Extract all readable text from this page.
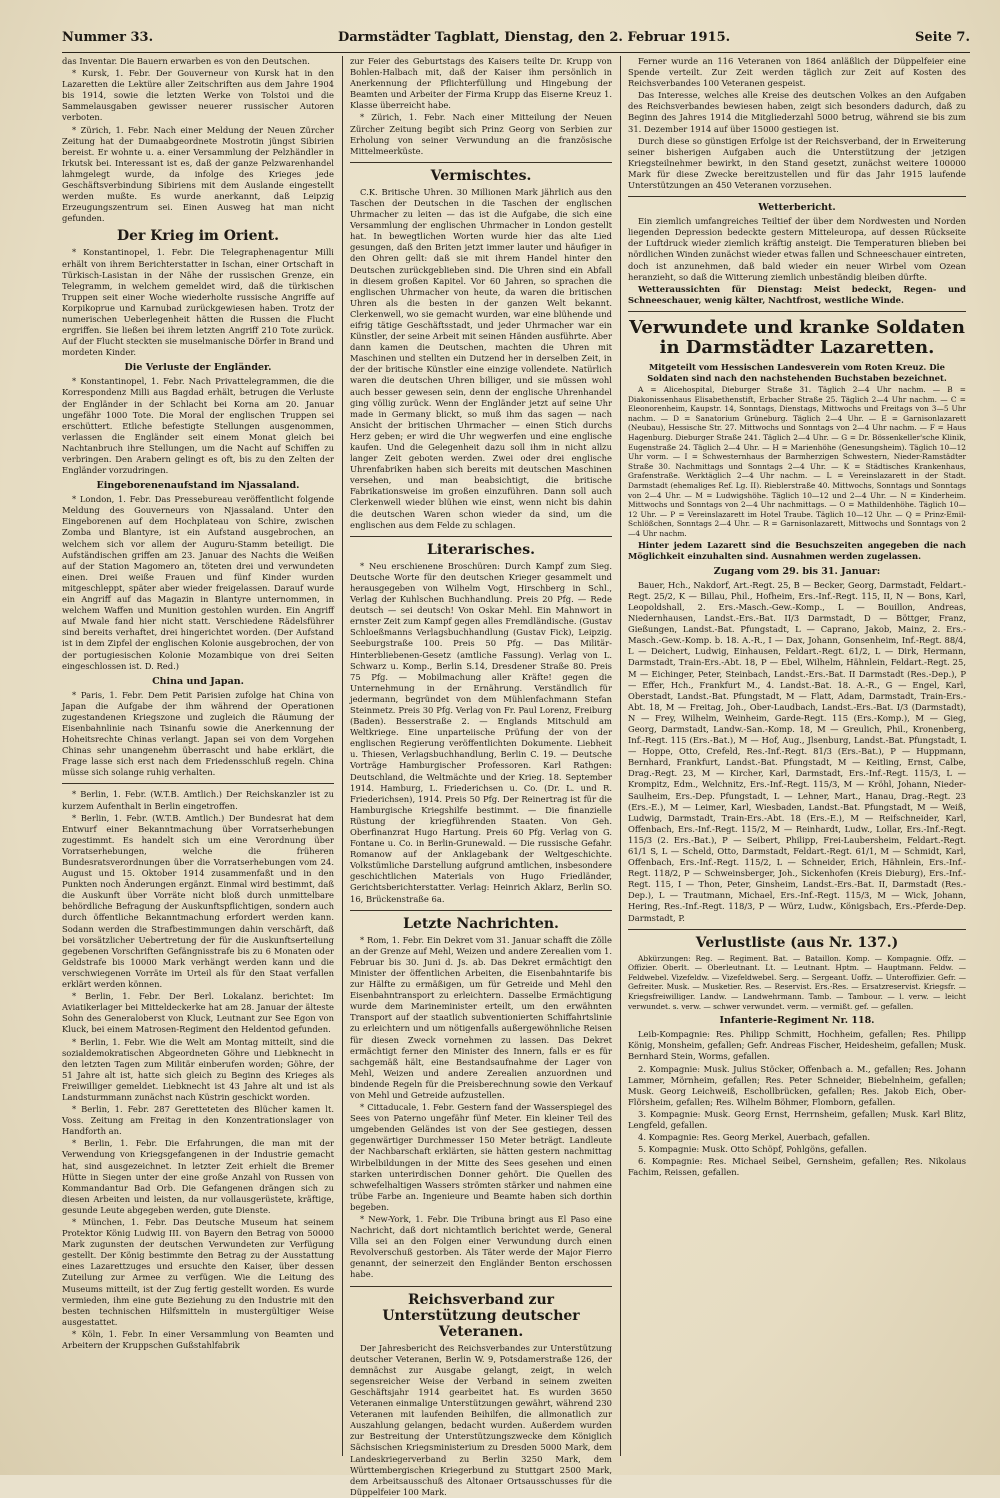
Nummer 33.	Darmstädter Tagblatt, Dienstag, den 2. Februar 1915.	Seite 7.

das Inventar. Die Bauern erwarben es von den Deutschen.

* Kursk, 1. Febr. Der Gouverneur von Kursk hat in den Lazaretten die Lektüre aller Zeitschriften aus dem Jahre 1904 bis 1914, sowie die letzten Werke von Tolstoi und die Sammelausgaben gewisser neuerer russischer Autoren verboten.

* Zürich, 1. Febr. Nach einer Meldung der Neuen Zürcher Zeitung hat der Dumaabgeordnete Mostrotin jüngst Sibirien bereist. Er wohnte u. a. einer Versammlung der Pelzhändler in Irkutsk bei. Interessant ist es, daß der ganze Pelzwarenhandel lahmgelegt wurde, da infolge des Krieges jede Geschäftsverbindung Sibiriens mit dem Auslande eingestellt werden mußte. Es wurde anerkannt, daß Leipzig Erzeugungszentrum sei. Einen Ausweg hat man nicht gefunden.

Der Krieg im Orient.

* Konstantinopel, 1. Febr. Die Telegraphenagentur Milli erhält von ihrem Berichterstatter in Ischan, einer Ortschaft in Türkisch-Lasistan in der Nähe der russischen Grenze, ein Telegramm, in welchem gemeldet wird, daß die türkischen Truppen seit einer Woche wiederholte russische Angriffe auf Korpikoprue und Karnubad zurückgewiesen haben. Trotz der numerischen Ueberlegenheit hätten die Russen die Flucht ergriffen. Sie ließen bei ihrem letzten Angriff 210 Tote zurück. Auf der Flucht steckten sie muselmanische Dörfer in Brand und mordeten Kinder.

Die Verluste der Engländer.

* Konstantinopel, 1. Febr. Nach Privattelegrammen, die die Korrespondenz Milli aus Bagdad erhält, betrugen die Verluste der Engländer in der Schlacht bei Korna am 20. Januar ungefähr 1000 Tote. Die Moral der englischen Truppen sei erschüttert. Etliche befestigte Stellungen ausgenommen, verlassen die Engländer seit einem Monat gleich bei Nachtanbruch ihre Stellungen, um die Nacht auf Schiffen zu verbringen. Den Arabern gelingt es oft, bis zu den Zelten der Engländer vorzudringen.

Eingeborenenaufstand im Njassaland.

* London, 1. Febr. Das Pressebureau veröffentlicht folgende Meldung des Gouverneurs von Njassaland. Unter den Eingeborenen auf dem Hochplateau von Schire, zwischen Zomba und Blantyre, ist ein Aufstand ausgebrochen, an welchem sich vor allem der Auguru-Stamm beteiligt. Die Aufständischen griffen am 23. Januar des Nachts die Weißen auf der Station Magomero an, töteten drei und verwundeten einen. Drei weiße Frauen und fünf Kinder wurden mitgeschleppt, später aber wieder freigelassen. Darauf wurde ein Angriff auf das Magazin in Blantyre unternommen, in welchem Waffen und Munition gestohlen wurden. Ein Angriff auf Mwale fand hier nicht statt. Verschiedene Rädelsführer sind bereits verhaftet, drei hingerichtet worden. (Der Aufstand ist in dem Zipfel der englischen Kolonie ausgebrochen, der von der portugiesischen Kolonie Mozambique von drei Seiten eingeschlossen ist. D. Red.)

China und Japan.

* Paris, 1. Febr. Dem Petit Parisien zufolge hat China von Japan die Aufgabe der ihm während der Operationen zugestandenen Kriegszone und zugleich die Räumung der Eisenbahnlinie nach Tsinanfu sowie die Anerkennung der Hoheitsrechte Chinas verlangt. Japan sei von dem Vorgehen Chinas sehr unangenehm überrascht und habe erklärt, die Frage lasse sich erst nach dem Friedensschluß regeln. China müsse sich solange ruhig verhalten.

* Berlin, 1. Febr. (W.T.B. Amtlich.) Der Reichskanzler ist zu kurzem Aufenthalt in Berlin eingetroffen.

* Berlin, 1. Febr. (W.T.B. Amtlich.) Der Bundesrat hat dem Entwurf einer Bekanntmachung über Vorratserhebungen zugestimmt. Es handelt sich um eine Verordnung über Vorratserhebungen, welche die früheren Bundesratsverordnungen über die Vorratserhebungen vom 24. August und 15. Oktober 1914 zusammenfaßt und in den Punkten noch Änderungen ergänzt. Einmal wird bestimmt, daß die Auskunft über Vorräte nicht bloß durch unmittelbare behördliche Befragung der Auskunftspflichtigen, sondern auch durch öffentliche Bekanntmachung erfordert werden kann. Sodann werden die Strafbestimmungen dahin verschärft, daß bei vorsätzlicher Uebertretung der für die Auskunftserteilung gegebenen Vorschriften Gefängnisstrafe bis zu 6 Monaten oder Geldstrafe bis 10000 Mark verhängt werden kann und die verschwiegenen Vorräte im Urteil als für den Staat verfallen erklärt werden können.

* Berlin, 1. Febr. Der Berl. Lokalanz. berichtet: Im Aviatikerlager bei Mitteldeckerke hat am 28. Januar der älteste Sohn des Generaloberst von Kluck, Leutnant zur See Egon von Kluck, bei einem Matrosen-Regiment den Heldentod gefunden.

* Berlin, 1. Febr. Wie die Welt am Montag mitteilt, sind die sozialdemokratischen Abgeordneten Göhre und Liebknecht in den letzten Tagen zum Militär einberufen worden; Göhre, der 51 Jahre alt ist, hatte sich gleich zu Beginn des Krieges als Freiwilliger gemeldet. Liebknecht ist 43 Jahre alt und ist als Landsturmmann zunächst nach Küstrin geschickt worden.

* Berlin, 1. Febr. 287 Geretteteten des Blücher kamen lt. Voss. Zeitung am Freitag in den Konzentrationslager von Handforth an.

* Berlin, 1. Febr. Die Erfahrungen, die man mit der Verwendung von Kriegsgefangenen in der Industrie gemacht hat, sind ausgezeichnet. In letzter Zeit erhielt die Bremer Hütte in Siegen unter der eine große Anzahl von Russen von Kommandantur Bad Orb. Die Gefangenen drängen sich zu diesen Arbeiten und leisten, da nur vollausgerüstete, kräftige, gesunde Leute abgegeben werden, gute Dienste.

* München, 1. Febr. Das Deutsche Museum hat seinem Protektor König Ludwig III. von Bayern den Betrag von 50000 Mark zugunsten der deutschen Verwundeten zur Verfügung gestellt. Der König bestimmte den Betrag zu der Ausstattung eines Lazarettzuges und ersuchte den Kaiser, über dessen Zuteilung zur Armee zu verfügen. Wie die Leitung des Museums mitteilt, ist der Zug fertig gestellt worden. Es wurde vermieden, ihm eine gute Beziehung zu den Industrie mit den besten technischen Hilfsmitteln in mustergültiger Weise ausgestattet.

* Köln, 1. Febr. In einer Versammlung von Beamten und Arbeitern der Kruppschen Gußstahlfabrik

zur Feier des Geburtstags des Kaisers teilte Dr. Krupp von Bohlen-Halbach mit, daß der Kaiser ihm persönlich in Anerkennung der Pflichterfüllung und Hingebung der Beamten und Arbeiter der Firma Krupp das Eiserne Kreuz 1. Klasse überreicht habe.

* Zürich, 1. Febr. Nach einer Mitteilung der Neuen Zürcher Zeitung begibt sich Prinz Georg von Serbien zur Erholung von seiner Verwundung an die französische Mittelmeerküste.

Vermischtes.

C.K. Britische Uhren. 30 Millionen Mark jährlich aus den Taschen der Deutschen in die Taschen der englischen Uhrmacher zu leiten — das ist die Aufgabe, die sich eine Versammlung der englischen Uhrmacher in London gestellt hat. In bewegtlichen Worten wurde hier das alte Lied gesungen, daß den Briten jetzt immer lauter und häufiger in den Ohren gellt: daß sie mit ihrem Handel hinter den Deutschen zurückgeblieben sind. Die Uhren sind ein Abfall in diesem großen Kapitel. Vor 60 Jahren, so sprachen die englischen Uhrmacher von heute, da waren die britischen Uhren als die besten in der ganzen Welt bekannt. Clerkenwell, wo sie gemacht wurden, war eine blühende und eifrig tätige Geschäftsstadt, und jeder Uhrmacher war ein Künstler, der seine Arbeit mit seinen Händen ausführte. Aber dann kamen die Deutschen, machten die Uhren mit Maschinen und stellten ein Dutzend her in derselben Zeit, in der der britische Künstler eine einzige vollendete. Natürlich waren die deutschen Uhren billiger, und sie müssen wohl auch besser gewesen sein, denn der englische Uhrenhandel ging völlig zurück. Wenn der Engländer jetzt auf seine Uhr made in Germany blickt, so muß ihm das sagen — nach Ansicht der britischen Uhrmacher — einen Stich durchs Herz geben; er wird die Uhr wegwerfen und eine englische kaufen. Und die Gelegenheit dazu soll ihm in nicht allzu langer Zeit geboten werden. Zwei oder drei englische Uhrenfabriken haben sich bereits mit deutschen Maschinen versehen, und man beabsichtigt, die britische Fabrikationsweise im großen einzuführen. Dann soll auch Clerkenwell wieder blühen wie einst, wenn nicht bis dahin die deutschen Waren schon wieder da sind, um die englischen aus dem Felde zu schlagen.

Literarisches.

* Neu erschienene Broschüren: Durch Kampf zum Sieg. Deutsche Worte für den deutschen Krieger gesammelt und herausgegeben von Wilhelm Vogt, Hirschberg in Schl., Verlag der Kuhlschen Buchhandlung. Preis 20 Pfg. — Rede deutsch — sei deutsch! Von Oskar Mehl. Ein Mahnwort in ernster Zeit zum Kampf gegen alles Fremdländische. (Gustav Schloeßmanns Verlagsbuchhandlung (Gustav Fick), Leipzig. Seeburgstraße 100. Preis 50 Pfg. — Das Militär-Hinterbliebenen-Gesetz (amtliche Fassung). Verlag von L. Schwarz u. Komp., Berlin S.14, Dresdener Straße 80. Preis 75 Pfg. — Mobilmachung aller Kräfte! gegen die Unternehmung in der Ernährung. Verständlich für jedermann, begründet von dem Mühlenfachmann Stefan Steinmetz. Preis 30 Pfg. Verlag von Fr. Paul Lorenz, Freiburg (Baden). Besserstraße 2. — Englands Mitschuld am Weltkriege. Eine unparteiische Prüfung der von der englischen Regierung veröffentlichten Dokumente. Liebheit u. Thiesen, Verlagsbuchhandlung, Berlin C. 19. — Deutsche Vorträge Hamburgischer Professoren. Karl Rathgen: Deutschland, die Weltmächte und der Krieg. 18. September 1914. Hamburg, L. Friederichsen u. Co. (Dr. L. und R. Friederichsen), 1914. Preis 50 Pfg. Der Reinertrag ist für die Hamburgische Kriegshilfe bestimmt. — Die finanzielle Rüstung der kriegführenden Staaten. Von Geh. Oberfinanzrat Hugo Hartung. Preis 60 Pfg. Verlag von G. Fontane u. Co. in Berlin-Grunewald. — Die russische Gefahr. Romanow auf der Anklagebank der Weltgeschichte. Volkstümliche Darstellung aufgrund amtlichen, insbesondere geschichtlichen Materials von Hugo Friedländer, Gerichtsberichterstatter. Verlag: Heinrich Aklarz, Berlin SO. 16, Brückenstraße 6a.

Letzte Nachrichten.

* Rom, 1. Febr. Ein Dekret vom 31. Januar schafft die Zölle an der Grenze auf Mehl, Weizen und andere Zerealien vom 1. Februar bis 30. Juni d. Js. ab. Das Dekret ermächtigt den Minister der öffentlichen Arbeiten, die Eisenbahntarife bis zur Hälfte zu ermäßigen, um für Getreide und Mehl den Eisenbahntransport zu erleichtern. Dasselbe Ermächtigung wurde dem Marineminister erteilt, um den erwähnten Transport auf der staatlich subventionierten Schiffahrtslinie zu erleichtern und um nötigenfalls außergewöhnliche Reisen für diesen Zweck vornehmen zu lassen. Das Dekret ermächtigt ferner den Minister des Innern, falls er es für sachgemäß hält, eine Bestandsaufnahme der Lager von Mehl, Weizen und andere Zerealien anzuordnen und bindende Regeln für die Preisberechnung sowie den Verkauf von Mehl und Getreide aufzustellen.

* Cittaducale, 1. Febr. Gestern fand der Wasserspiegel des Sees von Paterno ungefähr fünf Meter. Ein kleiner Teil des umgebenden Geländes ist von der See gestiegen, dessen gegenwärtiger Durchmesser 150 Meter beträgt. Landleute der Nachbarschaft erklärten, sie hätten gestern nachmittag Wirbelbildungen in der Mitte des Sees gesehen und einen starken unterirdischen Donner gehört. Die Quellen des schwefelhaltigen Wassers strömten stärker und nahmen eine trübe Farbe an. Ingenieure und Beamte haben sich dorthin begeben.

* New-York, 1. Febr. Die Tribuna bringt aus El Paso eine Nachricht, daß dort nichtamtlich berichtet werde, General Villa sei an den Folgen einer Verwundung durch einen Revolverschuß gestorben. Als Täter werde der Major Fierro genannt, der seinerzeit den Engländer Benton erschossen habe.

Reichsverband zur Unterstützung deutscher Veteranen.

Der Jahresbericht des Reichsverbandes zur Unterstützung deutscher Veteranen, Berlin W. 9, Potsdamerstraße 126, der demnächst zur Ausgabe gelangt, zeigt, in welch segensreicher Weise der Verband in seinem zweiten Geschäftsjahr 1914 gearbeitet hat. Es wurden 3650 Veteranen einmalige Unterstützungen gewährt, während 230 Veteranen mit laufenden Beihilfen, die allmonatlich zur Auszahlung gelangen, bedacht wurden. Außerdem wurden zur Bestreitung der Unterstützungszwecke dem Königlich Sächsischen Kriegsministerium zu Dresden 5000 Mark, dem Landeskriegerverband zu Berlin 3250 Mark, dem Württembergischen Kriegerbund zu Stuttgart 2500 Mark, dem Arbeitsausschuß des Altonaer Ortsausschusses für die Düppelfeier 100 Mark.

Ferner wurde an 116 Veteranen von 1864 anläßlich der Düppelfeier eine Spende verteilt. Zur Zeit werden täglich zur Zeit auf Kosten des Reichsverbandes 100 Veteranen gespeist.

Das Interesse, welches alle Kreise des deutschen Volkes an den Aufgaben des Reichsverbandes bewiesen haben, zeigt sich besonders dadurch, daß zu Beginn des Jahres 1914 die Mitgliederzahl 5000 betrug, während sie bis zum 31. Dezember 1914 auf über 15000 gestiegen ist.

Durch diese so günstigen Erfolge ist der Reichsverband, der in Erweiterung seiner bisherigen Aufgaben auch die Unterstützung der jetzigen Kriegsteilnehmer bewirkt, in den Stand gesetzt, zunächst weitere 100000 Mark für diese Zwecke bereitzustellen und für das Jahr 1915 laufende Unterstützungen an 450 Veteranen vorzusehen.

Wetterbericht.

Ein ziemlich umfangreiches Teiltief der über dem Nordwesten und Norden liegenden Depression bedeckte gestern Mitteleuropa, auf dessen Rückseite der Luftdruck wieder ziemlich kräftig ansteigt. Die Temperaturen blieben bei nördlichen Winden zunächst wieder etwas fallen und Schneeschauer eintreten, doch ist anzunehmen, daß bald wieder ein neuer Wirbel vom Ozean heranzieht, so daß die Witterung ziemlich unbeständig bleiben dürfte.

Wetteraussichten für Dienstag: Meist bedeckt, Regen- und Schneeschauer, wenig kälter, Nachtfrost, westliche Winde.

Verwundete und kranke Soldaten in Darmstädter Lazaretten.

Mitgeteilt vom Hessischen Landesverein vom Roten Kreuz. Die Soldaten sind nach den nachstehenden Buchstaben bezeichnet.

A = Alicehospital, Dieburger Straße 31. Täglich 2—4 Uhr nachm. — B = Diakonissenhaus Elisabethenstift, Erbacher Straße 25. Täglich 2—4 Uhr nachm. — C = Eleonorenheim, Kaupstr. 14, Sonntags, Dienstags, Mittwochs und Freitags von 3—5 Uhr nachm. — D = Sanatorium Grüneburg. Täglich 2—4 Uhr. — E = Garnisonlazarett (Neubau), Hessische Str. 27. Mittwochs und Sonntags von 2—4 Uhr nachm. — F = Haus Hagenburg. Dieburger Straße 241. Täglich 2—4 Uhr. — G = Dr. Bössenkeller'sche Klinik, Eugenstraße 24. Täglich 2—4 Uhr. — H = Marienhöhe (Genesungsheim). Täglich 10—12 Uhr vorm. — I = Schwesternhaus der Barmherzigen Schwestern, Nieder-Ramstädter Straße 30. Nachmittags und Sonntags 2—4 Uhr. — K = Städtisches Krankenhaus, Grafenstraße. Werktäglich 2—4 Uhr nachm. — L = Vereinslazarett in der Stadt. Darmstadt (ehemaliges Ref. Lg. II). Rieblerstraße 40. Mittwochs, Sonntags und Sonntags von 2—4 Uhr. — M = Ludwigshöhe. Täglich 10—12 und 2—4 Uhr. — N = Kinderheim. Mittwochs und Sonntags von 2—4 Uhr nachmittags. — O = Mathildenhöhe. Täglich 10—12 Uhr. — P = Vereinslazarett im Hotel Traube. Täglich 10—12 Uhr. — Q = Prinz-Emil-Schlößchen, Sonntags 2—4 Uhr. — R = Garnisonlazarett, Mittwochs und Sonntags von 2—4 Uhr nachm.

Hinter jedem Lazarett sind die Besuchszeiten angegeben die nach Möglichkeit einzuhalten sind. Ausnahmen werden zugelassen.

Zugang vom 29. bis 31. Januar:

Bauer, Hch., Nakdorf, Art.-Regt. 25, B — Becker, Georg, Darmstadt, Feldart.-Regt. 25/2, K — Billau, Phil., Hofheim, Ers.-Inf.-Regt. 115, II, N — Bons, Karl, Leopoldshall, 2. Ers.-Masch.-Gew.-Komp., L — Bouillon, Andreas, Niedernhausen, Landst.-Ers.-Bat. II/3 Darmstadt, D — Böttger, Franz, Gießungen, Landst.-Bat. Pfungstadt, L — Caprano, Jakob, Mainz, 2. Ers.-Masch.-Gew.-Komp. b. 18. A.-R., I — Dax, Johann, Gonsenheim, Inf.-Regt. 88/4, L — Deichert, Ludwig, Einhausen, Feldart.-Regt. 61/2, L — Dirk, Hermann, Darmstadt, Train-Ers.-Abt. 18, P — Ebel, Wilhelm, Hähnlein, Feldart.-Regt. 25, M — Eichinger, Peter, Steinbach, Landst.-Ers.-Bat. II Darmstadt (Res.-Dep.), P — Effer, Hch., Frankfurt M., 4. Landst.-Bat. 18. A.-R., G — Engel, Karl, Oberstadt, Landst.-Bat. Pfungstadt, M — Flatt, Adam, Darmstadt, Train-Ers.-Abt. 18, M — Freitag, Joh., Ober-Laudbach, Landst.-Ers.-Bat. I/3 (Darmstadt), N — Frey, Wilhelm, Weinheim, Garde-Regt. 115 (Ers.-Komp.), M — Gieg, Georg, Darmstadt, Landw.-San.-Komp. 18, M — Greulich, Phil., Kronenberg, Inf.-Regt. 115 (Ers.-Bat.), M — Hof, Aug., Jlsenburg, Landst.-Bat. Pfungstadt, L — Hoppe, Otto, Crefeld, Res.-Inf.-Regt. 81/3 (Ers.-Bat.), P — Huppmann, Bernhard, Frankfurt, Landst.-Bat. Pfungstadt, M — Keitling, Ernst, Calbe, Drag.-Regt. 23, M — Kircher, Karl, Darmstadt, Ers.-Inf.-Regt. 115/3, L — Krompitz, Edm., Welchnitz, Ers.-Inf.-Regt. 115/3, M — Kröhl, Johann, Nieder-Saulheim, Ers.-Dep. Pfungstadt, L — Lehner, Mart., Hanau, Drag.-Regt. 23 (Ers.-E.), M — Leimer, Karl, Wiesbaden, Landst.-Bat. Pfungstadt, M — Weiß, Ludwig, Darmstadt, Train-Ers.-Abt. 18 (Ers.-E.), M — Reifschneider, Karl, Offenbach, Ers.-Inf.-Regt. 115/2, M — Reinhardt, Ludw., Lollar, Ers.-Inf.-Regt. 115/3 (2. Ers.-Bat.), P — Seibert, Philipp, Frei-Laubersheim, Feldart.-Regt. 61/1 S, L — Scheld, Otto, Darmstadt, Feldart.-Regt. 61/1, M — Schmidt, Karl, Offenbach, Ers.-Inf.-Regt. 115/2, L — Schneider, Erich, Hähnlein, Ers.-Inf.-Regt. 118/2, P — Schweinsberger, Joh., Sickenhofen (Kreis Dieburg), Ers.-Inf.-Regt. 115, I — Thon, Peter, Ginsheim, Landst.-Ers.-Bat. II, Darmstadt (Res.-Dep.), L — Trautmann, Michael, Ers.-Inf.-Regt. 115/3, M — Wick, Johann, Hering, Res.-Inf.-Regt. 118/3, P — Würz, Ludw., Königsbach, Ers.-Pferde-Dep. Darmstadt, P.

Verlustliste (aus Nr. 137.)

Abkürzungen: Reg. — Regiment. Bat. — Bataillon. Komp. — Kompagnie. Offz. — Offizier. Oberlt. — Oberleutnant. Lt. — Leutnant. Hptm. — Hauptmann. Feldw. — Feldwebel. Vizefeldw. — Vizefeldwebel. Serg. — Sergeant. Uoffz. — Unteroffizier. Gefr. — Gefreiter. Musk. — Musketier. Res. — Reservist. Ers.-Res. — Ersatzreservist. Kriegsfr. — Kriegsfreiwilliger. Landw. — Landwehrmann. Tamb. — Tambour. — l. verw. — leicht verwundet. s. verw. — schwer verwundet. verm. — vermißt. gef. — gefallen.

Infanterie-Regiment Nr. 118.

Leib-Kompagnie: Res. Philipp Schmitt, Hochheim, gefallen; Res. Philipp König, Monsheim, gefallen; Gefr. Andreas Fischer, Heidesheim, gefallen; Musk. Bernhard Stein, Worms, gefallen.

2. Kompagnie: Musk. Julius Stöcker, Offenbach a. M., gefallen; Res. Johann Lammer, Mörnheim, gefallen; Res. Peter Schneider, Biebelnheim, gefallen; Musk. Georg Leichweiß, Eschollbrücken, gefallen; Res. Jakob Eich, Ober-Flörsheim, gefallen; Res. Wilhelm Böhmer, Flomborn, gefallen.

3. Kompagnie: Musk. Georg Ernst, Herrnsheim, gefallen; Musk. Karl Blitz, Lengfeld, gefallen.

4. Kompagnie: Res. Georg Merkel, Auerbach, gefallen.

5. Kompagnie: Musk. Otto Schöpf, Pohlgöns, gefallen.

6. Kompagnie: Res. Michael Seibel, Gernsheim, gefallen; Res. Nikolaus Fachim, Reissen, gefallen.
